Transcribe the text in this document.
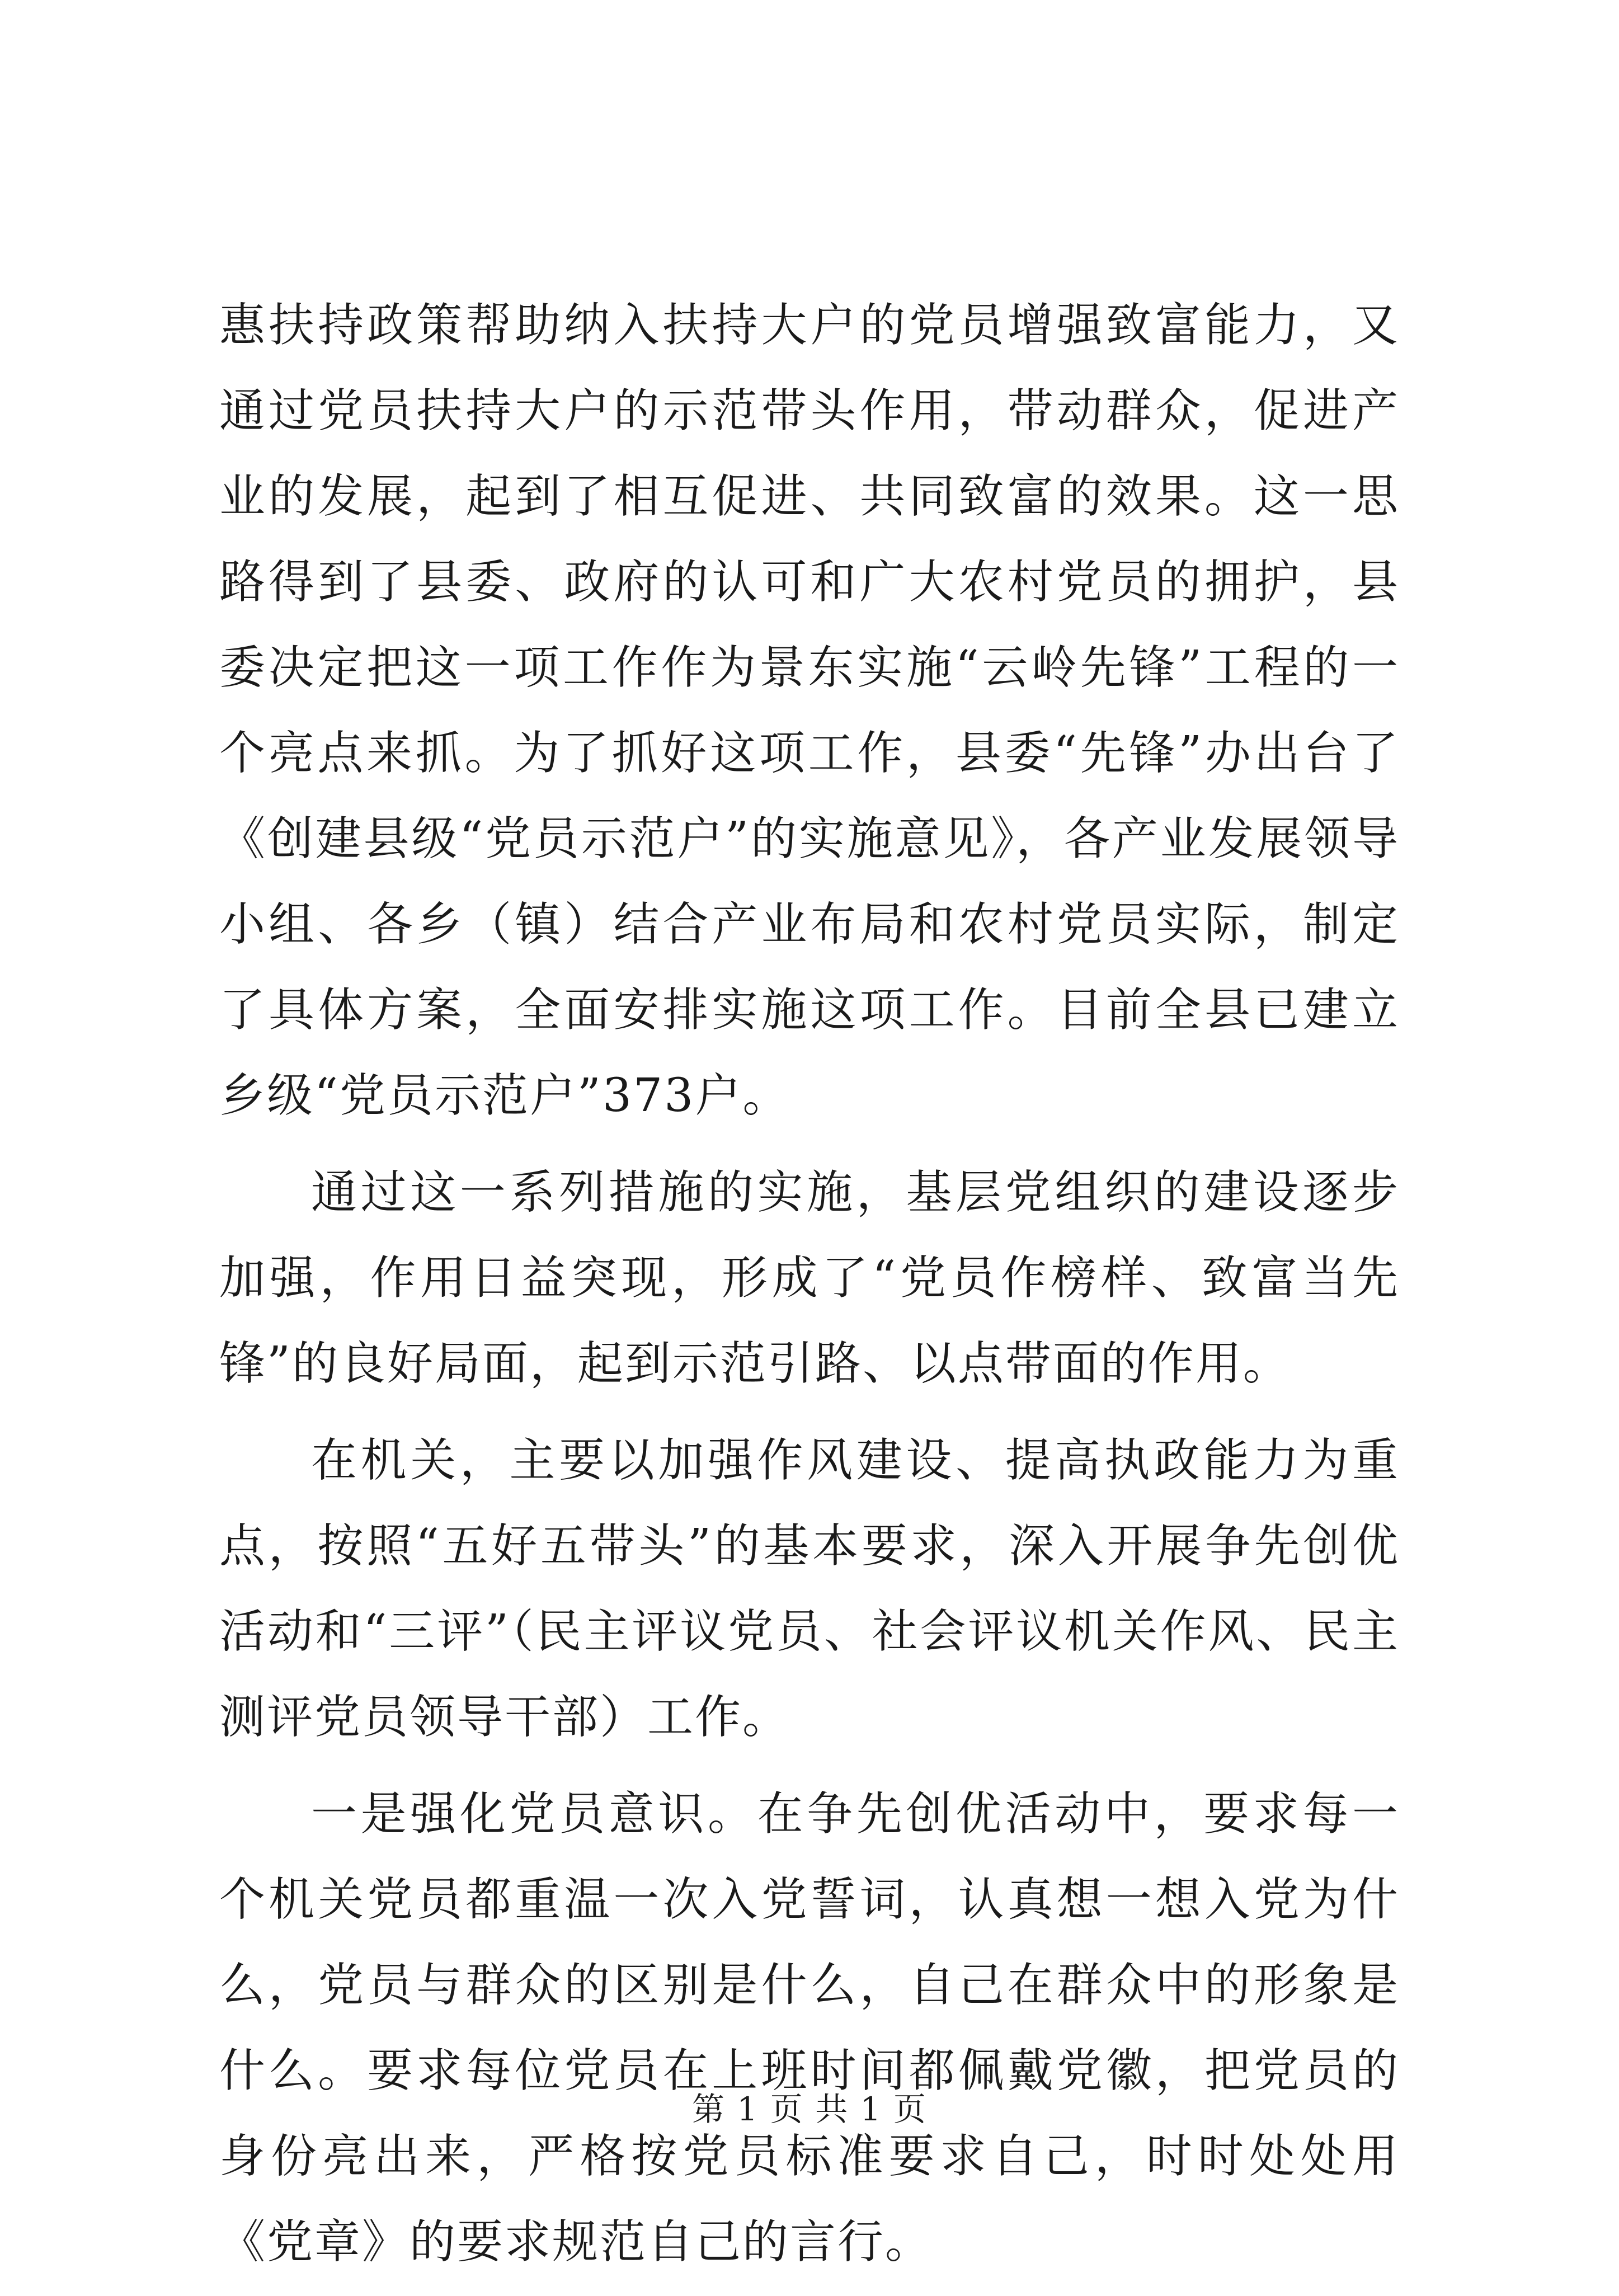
惠扶持政策帮助纳入扶持大户的党员增强致富能力，又通过党员扶持大户的示范带头作用，带动群众，促进产业的发展，起到了相互促进、共同致富的效果。这一思路得到了县委、政府的认可和广大农村党员的拥护，县委决定把这一项工作作为景东实施“云岭先锋”工程的一个亮点来抓。为了抓好这项工作，县委“先锋”办出台了《创建县级“党员示范户”的实施意见》，各产业发展领导小组、各乡（镇）结合产业布局和农村党员实际，制定了具体方案，全面安排实施这项工作。目前全县已建立乡级“党员示范户”373户。

通过这一系列措施的实施，基层党组织的建设逐步加强，作用日益突现，形成了“党员作榜样、致富当先锋”的良好局面，起到示范引路、以点带面的作用。

在机关，主要以加强作风建设、提高执政能力为重点，按照“五好五带头”的基本要求，深入开展争先创优活动和“三评”（民主评议党员、社会评议机关作风、民主测评党员领导干部）工作。

一是强化党员意识。在争先创优活动中，要求每一个机关党员都重温一次入党誓词，认真想一想入党为什么，党员与群众的区别是什么，自己在群众中的形象是什么。要求每位党员在上班时间都佩戴党徽，把党员的身份亮出来，严格按党员标准要求自己，时时处处用《党章》的要求规范自己的言行。

第 1 页 共 1 页
